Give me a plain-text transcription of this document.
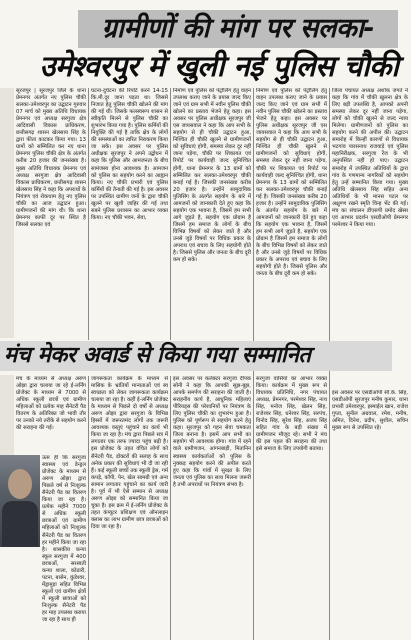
ग्रामीणों की मांग पर सलका-
उमेश्वरपुर में खुली नई पुलिस चौकी
सूरजपुर | सूरजपुर जिले के थाना प्रेमनगर अंतर्गत नए पुलिस चौकी सलका-उमेश्वरपुर का उद्घाटन गुरुवार 07 मार्च को मुख्य अतिथि विधायक प्रेमनगर एवं अध्यक्ष सरगुजा क्षेत्र आदिवासी विकास प्राधिकरण, छत्तीसगढ़ शासन खेलसाय सिंह के द्वारा फीता काटकर किया गया। 13 ग्रामों को सम्मिलित कर नए थाना प्रेमनगर पुलिस चौकी क्षेत्र के अंतर्गत करीब 20 हजार की जनसंख्या है। मुख्य अतिथि विधायक प्रेमनगर एवं अध्यक्ष सरगुजा क्षेत्र आदिवासी विकास प्राधिकरण, छत्तीसगढ़ शासन खेलसाय सिंह ने कहा कि अपराधों के नियंत्रण एवं रोकथाम हेतु नए पुलिस चौकी का आज उद्घाटन हुआ। ग्रामीणजनों की मांग थी। कि थाना प्रेमनगर काफी दूर पर स्थित है जिससे सलका एवं
घटना-दुर्घटना की रिपोर्ट करने 14-15 कि.मी.दूर जाना पड़ता था। जिससे निजात हेतु पुलिस चौकी खोलने की मांग की गई थी। जिसके फलस्वरूप शासन से स्वीकृति मिलने से पुलिस चौकी का शुभारंभ किया गया है। पुलिस कर्मियों की नियुक्ति की गई है ताकि क्षेत्र के लोगों की समस्याओं का त्वरित निराकरण किया जा सके। इस अवसर पर पुलिस अधीक्षक सूरजपुर ने अपने उद्बोधन में कहा कि पुलिस और आमजनता के बीच सामंजस्य होना आवश्यक है। आमजन को पुलिस का सहयोग करने का आह्वान किया। नए चौकी प्रभारी एवं पुलिस कर्मियों की तैनाती की गई है। इस अवसर पर उपस्थित ग्रामीण जनों के द्वारा चौकी खुलने पर खुशी जाहिर की गई तथा सबने पुलिस प्रशासन का आभार व्यक्त किया। नए चौकी भवन, सेवा,
निर्माण एवं पुलिस को पेट्रोलिंग हेतु वाहन उपलब्ध कराए जाने के प्रयास जल्द किए जाने एवं ग्राम सभी में नवीन पुलिस चौकी खोलने का प्रस्ताव भेजने हेतु कहा। इस अवसर पर पुलिस अधीक्षक सूरजपुर जी एस जायसवाल ने कहा कि आप सभी के सहयोग से ही चौकी उद्घाटन हुआ, निश्चित ही चौकी खुलने से ग्रामीणजनों को सुविधाएं होगी, समस्या लेकर दूर नहीं जाना पड़ेगा, चौकी पर शिकायत एवं रिपोर्ट पर कार्यवाही जल्द सुनिश्चित होगी, थाना प्रेमनगर के 13 ग्रामों को सम्मिलित कर सलका-उमेश्वरपुर चौकी बनाई गई है। जिसकी जनसंख्या करीब 20 हजार है। उन्होंने सामुदायिक पुलिसिंग के अंतर्गत सहयोग के बारे में आमजनों को जानकारी देते हुए कहा कि सहयोग एक भावना है, जिसमें हम सभी आगे जुड़ते है, सहयोग एक प्रोग्राम है जिसमें हम समाज के लोगों के बीच विभिन्न विषयों को लेकर जाते है और उनसे जुड़े विषयों पर विधिक प्रकार के अपराध एवं बचाव के लिए सहयोगी होते है। जिससे पुलिस और जनता के बीच दूरी कम हो सके।
निर्माण एवं पुलिस को पेट्रोलिंग हेतु वाहन उपलब्ध कराए जाने के प्रयास जल्द किए जाने एवं ग्राम सभी में नवीन पुलिस चौकी खोलने का प्रस्ताव भेजने हेतु कहा। इस अवसर पर पुलिस अधीक्षक सूरजपुर जी एस जायसवाल ने कहा कि आप सभी के सहयोग से ही चौकी उद्घाटन हुआ, निश्चित ही चौकी खुलने से ग्रामीणजनों को सुविधाएं होगी, समस्या लेकर दूर नहीं जाना पड़ेगा, चौकी पर शिकायत एवं रिपोर्ट पर कार्यवाही जल्द सुनिश्चित होगी, थाना प्रेमनगर के 13 ग्रामों को सम्मिलित कर सलका-उमेश्वरपुर चौकी बनाई गई है। जिसकी जनसंख्या करीब 20 हजार है। उन्होंने सामुदायिक पुलिसिंग के अंतर्गत सहयोग के बारे में आमजनों को जानकारी देते हुए कहा कि सहयोग एक भावना है, जिसमें हम सभी आगे जुड़ते है, सहयोग एक प्रोग्राम है जिसमें हम समाज के लोगों के बीच विभिन्न विषयों को लेकर जाते है और उनसे जुड़े विषयों पर विधिक प्रकार के अपराध एवं बचाव के लिए सहयोगी होते है। जिससे पुलिस और जनता के बीच दूरी कम हो सके।
जिला पंचायत अध्यक्ष अशोक जगते ने कहा कि गांव में चौकी खुलना क्षेत्र के लिए बड़ी उपलब्धि है, आपको अपनी समस्या लेकर दूर नहीं जाना पड़ेगा, लोगों को चौकी खुलने से जल्द न्याय मिलेगा। ग्रामीणजनों को पुलिस का सहयोग करने की अपील की। उद्घाटन समारोह में किन्हीं कारणों से विधायक भटगांव पारसनाथ राजवाड़े एवं पुलिस महानिरीक्षक, सरगुजा रेंज के भी अनुपस्थित नहीं हो पाए। उद्घाटन समारोह में उपस्थित अतिथियों के द्वारा गांव के गणमान्य नागरिकों को सहयोग हेतु उन्हें सम्मानित किया गया। मुख्य अतिथि खेलसाय सिंह सहित अन्य अतिथियों के भी मानस पटल पर अक्षुण्ण रखने स्मृति चिन्ह भेंट की गई। मंच का संचालन डीएसपी प्रमोद खेस्स एवं आभार प्रदर्शन एसडीओपी प्रेमनगर परमेश्वर ने किया गया।
इस अवसर पर एसडीओपी सी.के. सिंह, एसडीओपी सूरजपुर मनीष कुमार, थाना प्रभारी उमेश्वरपुर, इस्माईल खान, राजेश गुप्ता, सुनील अग्रवाल, रमेश, मनीष, अमित, दिनेश, प्रदीप, सुशील, सचिन मुख्य रूप से उपस्थित रहे।
मंच मेकर अवार्ड से किया गया सम्मानित
मंच के माध्यम से अध्यक्ष अरुण ओझा द्वारा चलाया जा रहे ई-लर्निंग प्रोजेक्ट के माध्यम से 7000 से अधिक स्कूली छात्रों एवं ग्रामीण महिलाओं को प्रत्येक माह सैनेटरी पैड वितरण के अतिरिक्त जो भावी तौर पर उनको नये तरीके से सहयोग करने की सराहना की गई।
ऊंस ही कि सरगुजा स्वास्थ्य एवं डेन्ड्रल प्रोजेक्ट के माध्यम से अरुण ओझा द्वारा पिछले वर्ष से निःशुल्क सैनेटरी पैड का वितरण किया जा रहा है। प्रत्येक महीने 7000 से अधिक स्कूली छात्राओं एवं ग्रामीण महिलाओं को निःशुल्क सैनेटरी पैड का वितरण हर महीने किया जा रहा है। शासकीय कन्या स्कूल सरगुजा में 400 छात्राओं, सरस्वती कन्या शाला, कोठारी, पटना, बासेन, कुंडेश्वर, मेंड्रामुड़ा सहित विभिन्न स्कूलों एवं ग्रामीण क्षेत्रों में स्कूली छात्राओं को निःशुल्क सैनेटरी पैड हर माह उपलब्ध कराया जा रहा है साथ ही
जागरूकता कार्यक्रम के माध्यम से मासिक के भ्रांतियों मान्यताओं एवं स्व स्वच्छता को लेकर जागरूकता कार्यक्रम चलाया जा रहा है। कहीं ई-लर्निंग प्रोजेक्ट के माध्यम से पिछले दो वर्षों से अध्यक्ष अरुण ओझा द्वारा सरगुजा के विभिन्न हिस्सों में जरूरतमंद लोगों तक जरूरी आवश्यक वस्तुएं पहुंचाने का कार्य भी किया जा रहा है। मंच द्वारा पिछले सत्र में लगातार एक तरफ ज्यादा पहुंच बढ़ी है। इस प्रोजेक्ट के तहत वंचित लोगों को सैनेटरी पैड, डोक्टरों की सलाह के साथ अनेक प्रकार की सुविधाएं भी दी जा रही हैं। कई स्कूली बच्चों तक स्कूली ड्रेस, गर्म कपड़े, कॉपी, पेन, खेल सामग्री एवं अन्य सामान लगातार पहुंचाने का कार्य जारी है। पूर्व में भी ऐसे सम्मान से अध्यक्ष अरुण ओझा को सम्मानित किया जा चुका है। इस क्रम में ई-लर्निंग प्रोजेक्ट के तहत कंप्यूटर प्रशिक्षण एवं ऑनलाइन क्लास का लाभ ग्रामीण छात्र छात्राओं को दिया जा रहा है।
इस अवसर पर कलेक्टर सरगुजा दीपक सोनी ने कहा कि आपकी सूझ-बूझ, आपके समर्पण की सराहना की जाती है। सराहनीय कार्य है, आधुनिक महिलाएं पीरियड्स की परेशानियों पर नियंत्रण के लिए पुलिस चौकी का शुभारंभ हुआ है। पुलिस को पूर्णरूप से सहयोग करने हेतु कहा। सूरजपुर को गहन सेवा चमकता जिला बनाना है। इसमें आप सभी का सहयोग भी आवश्यक होगा। गांव में रहने वाले ग्रामीणजन, आंगनबाड़ी, मितानिन स्वास्थ्य कार्यकर्ताओं को पुलिस के नुक्कड़ सहयोग करने की अपील करते हुए कहा कि गांवों में सुरक्षा के लिए जनता एवं पुलिस का साथ मिलना जरूरी है तभी अपराधों पर नियंत्रण संभव है।
सरगुजा वासियों का आभार व्यक्त किया। कार्यक्रम में मुख्य रूप से विधायक प्रतिनिधि, नगर पंचायत अध्यक्ष, प्रेमनगर, परमेश्वर सिंह, नाथ सिंह, मनोज सिंह, खेलन सिंह, राजेश्वर सिंह, धनेश्वर सिंह, सरपंच, विनोद सिंह, सुरेश सिंह, अजय सिंह सहित गांव के बड़ी संख्या में ग्रामीणजन मौजूद रहे। सभी ने मंच की इस पहल की सराहना की तथा इसे समाज के लिए उपयोगी बताया।
